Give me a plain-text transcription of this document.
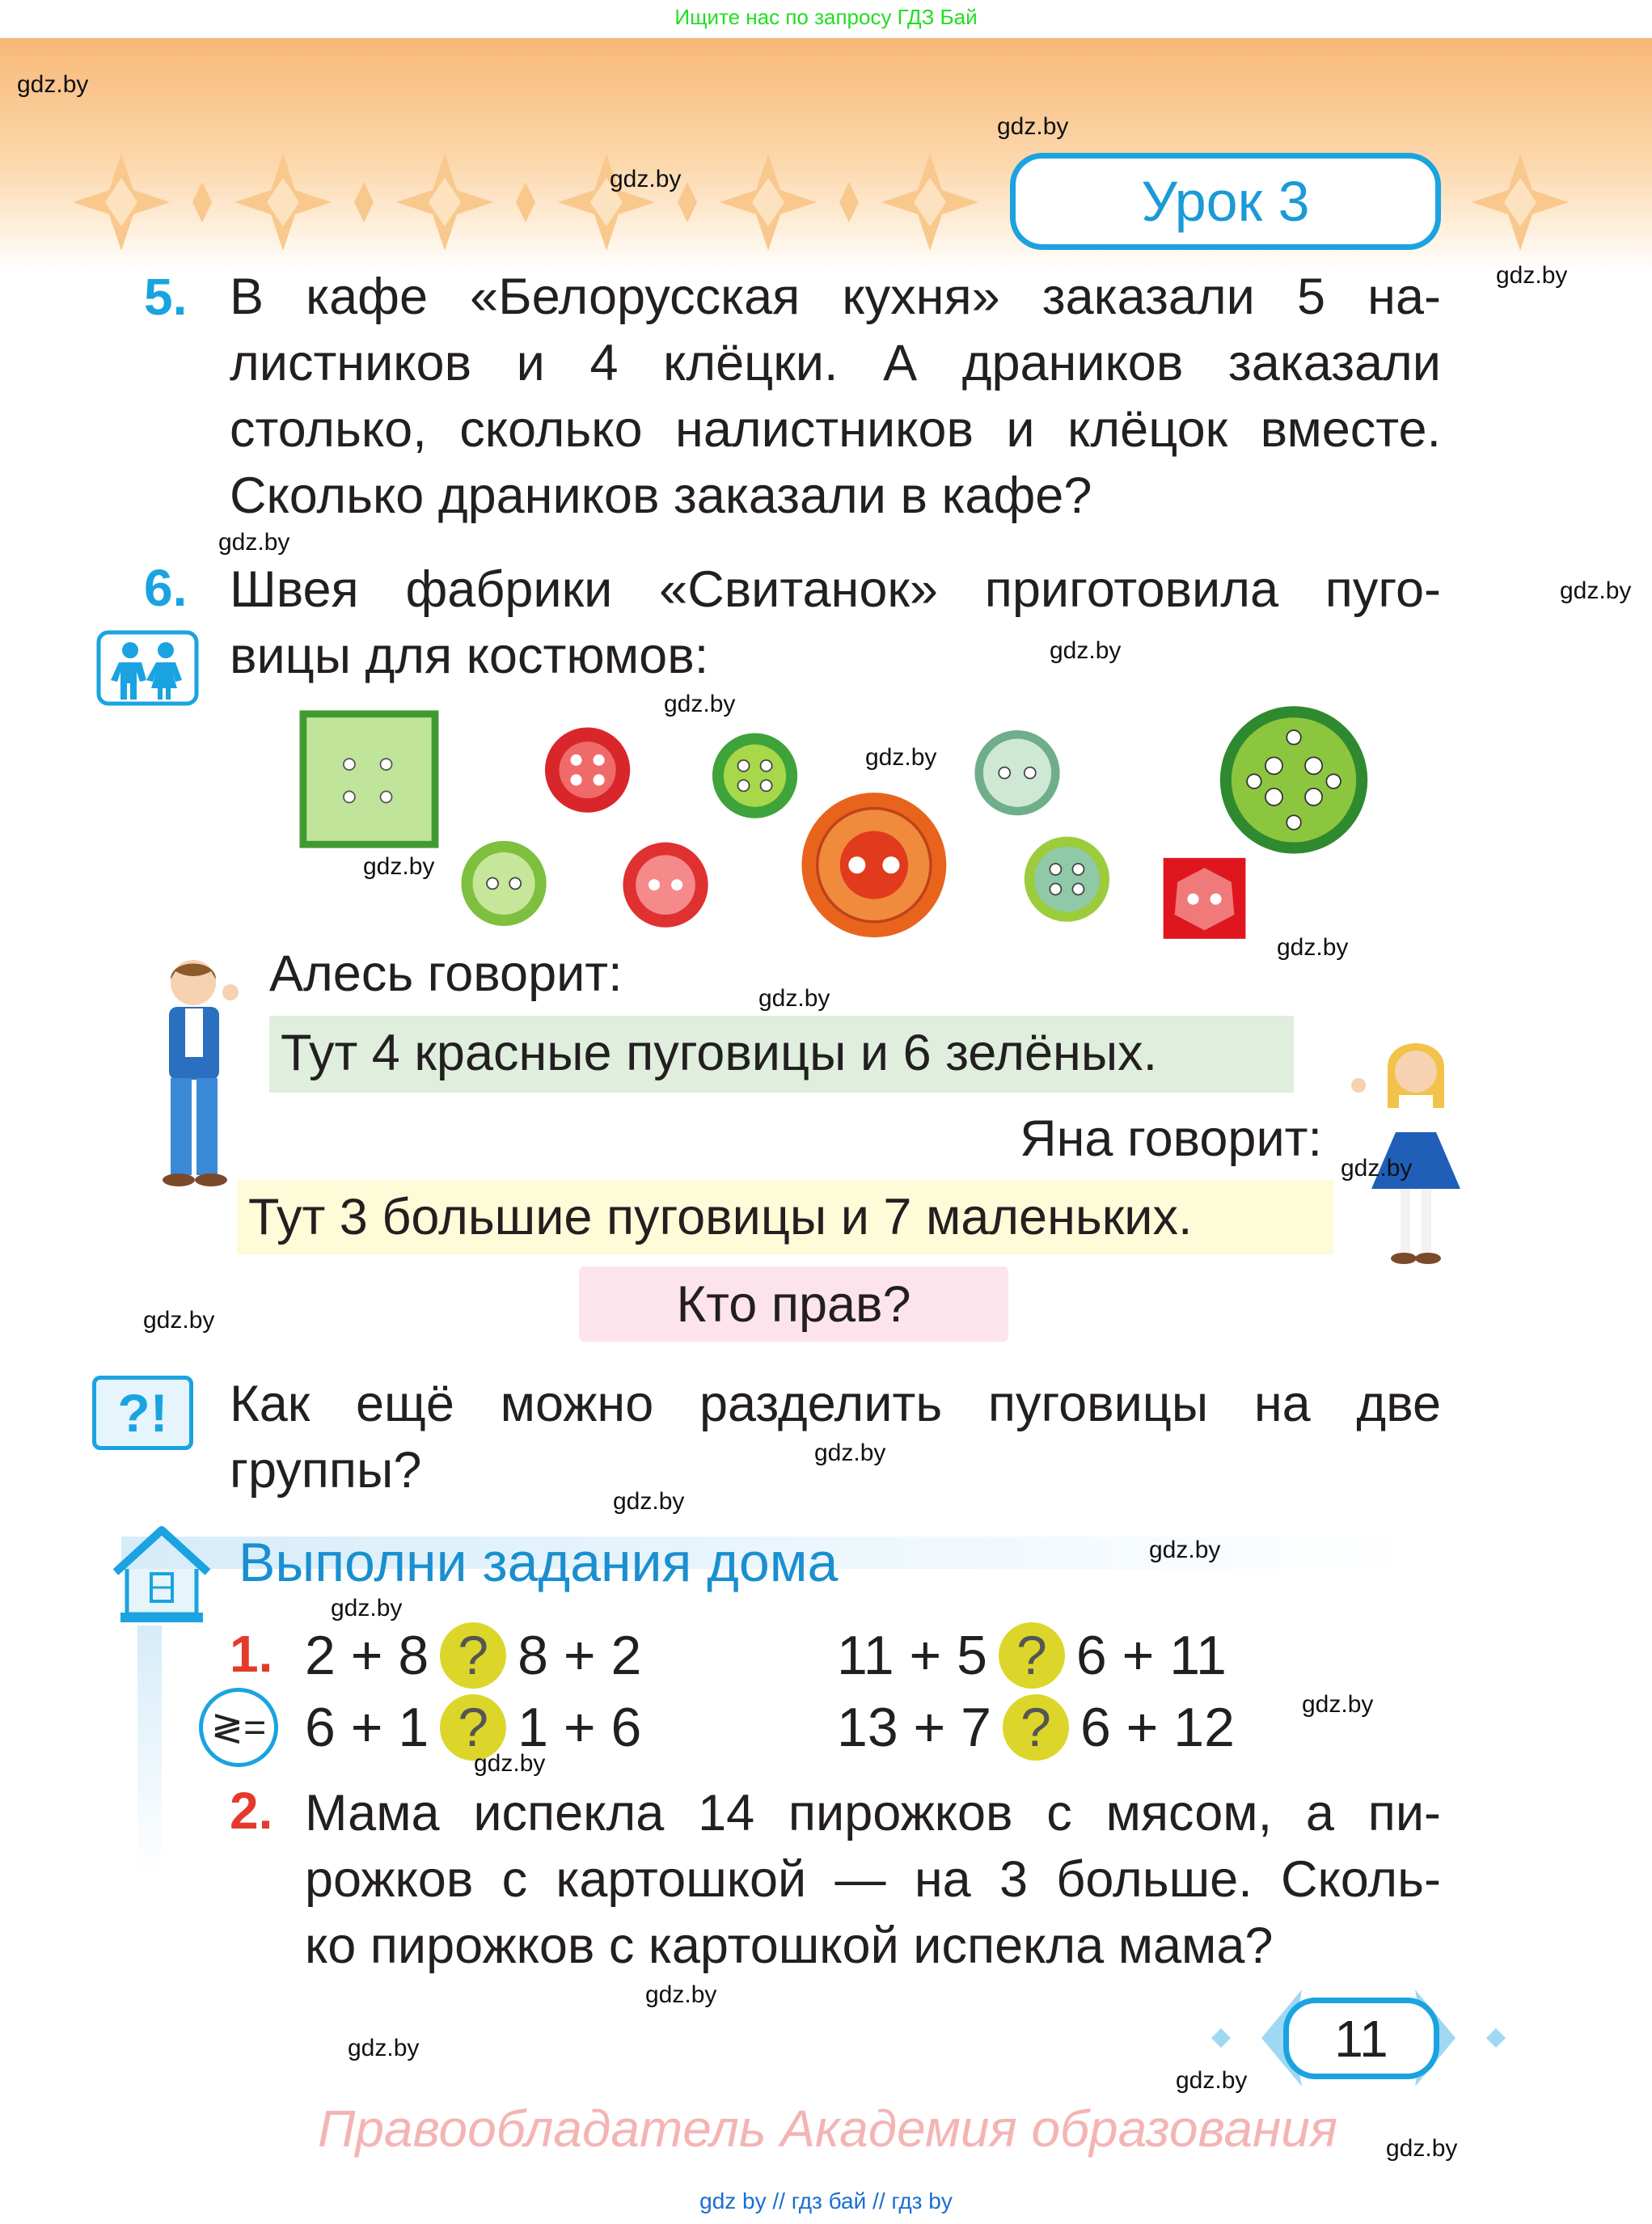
Ищите нас по запросу ГДЗ Бай
Урок 3
5. В кафе «Белорусская кухня» заказали 5 на-
листников и 4 клёцки. А драников заказали
столько, сколько налистников и клёцок вместе.
Сколько драников заказали в кафе?
6. Швея фабрики «Свитанок» приготовила пуго-
вицы для костюмов:
Алесь говорит:
Тут 4 красные пуговицы и 6 зелёных.
Яна говорит:
Тут 3 большие пуговицы и 7 маленьких.
Кто прав?
?!	Как ещё можно разделить пуговицы на две
группы?
Выполни задания дома
1.
≷=
2 + 8 ? 8 + 2	11 + 5 ? 6 + 11
6 + 1 ? 1 + 6	13 + 7 ? 6 + 12
2. Мама испекла 14 пирожков с мясом, а пи-
рожков с картошкой — на 3 больше. Сколь-
ко пирожков с картошкой испекла мама?
11
Правообладатель Академия образования
gdz by // гдз бай // гдз by
gdz.by
gdz.by
gdz.by
gdz.by
gdz.by
gdz.by
gdz.by
gdz.by
gdz.by
gdz.by
gdz.by
gdz.by
gdz.by
gdz.by
gdz.by
gdz.by
gdz.by
gdz.by
gdz.by
gdz.by
gdz.by
gdz.by
gdz.by
gdz.by
